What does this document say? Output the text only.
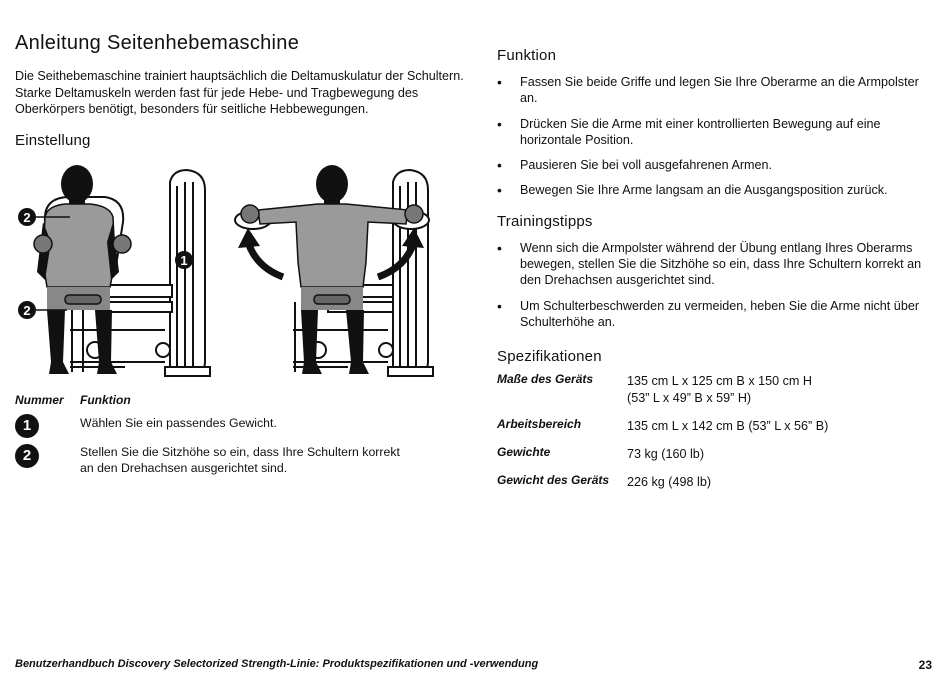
Anleitung Seitenhebemaschine

Die Seithebemaschine trainiert hauptsächlich die Deltamuskulatur der Schultern. Starke Deltamuskeln werden fast für jede Hebe- und Tragbewegung des Oberkörpers benötigt, besonders für seitliche Hebbewegungen.

Einstellung
2
1
2
Nummer Funktion
1	Wählen Sie ein passendes Gewicht.
2	Stellen Sie die Sitzhöhe so ein, dass Ihre Schultern korrekt an den Drehachsen ausgerichtet sind.
Funktion
• Fassen Sie beide Griffe und legen Sie Ihre Oberarme an die Armpolster an.
• Drücken Sie die Arme mit einer kontrollierten Bewegung auf eine horizontale Position.
• Pausieren Sie bei voll ausgefahrenen Armen.
• Bewegen Sie Ihre Arme langsam an die Ausgangsposition zurück.
Trainingstipps
• Wenn sich die Armpolster während der Übung entlang Ihres Oberarms bewegen, stellen Sie die Sitzhöhe so ein, dass Ihre Schultern korrekt an den Drehachsen ausgerichtet sind.
• Um Schulterbeschwerden zu vermeiden, heben Sie die Arme nicht über Schulterhöhe an.
Spezifikationen
Maße des Geräts	135 cm L x 125 cm B x 150 cm H
(53” L x 49” B x 59” H)
Arbeitsbereich	135 cm L x 142 cm B (53” L x 56” B)
Gewichte	73 kg (160 lb)
Gewicht des Geräts	226 kg (498 lb)
Benutzerhandbuch Discovery Selectorized Strength-Linie: Produktspezifikationen und -verwendung	23
